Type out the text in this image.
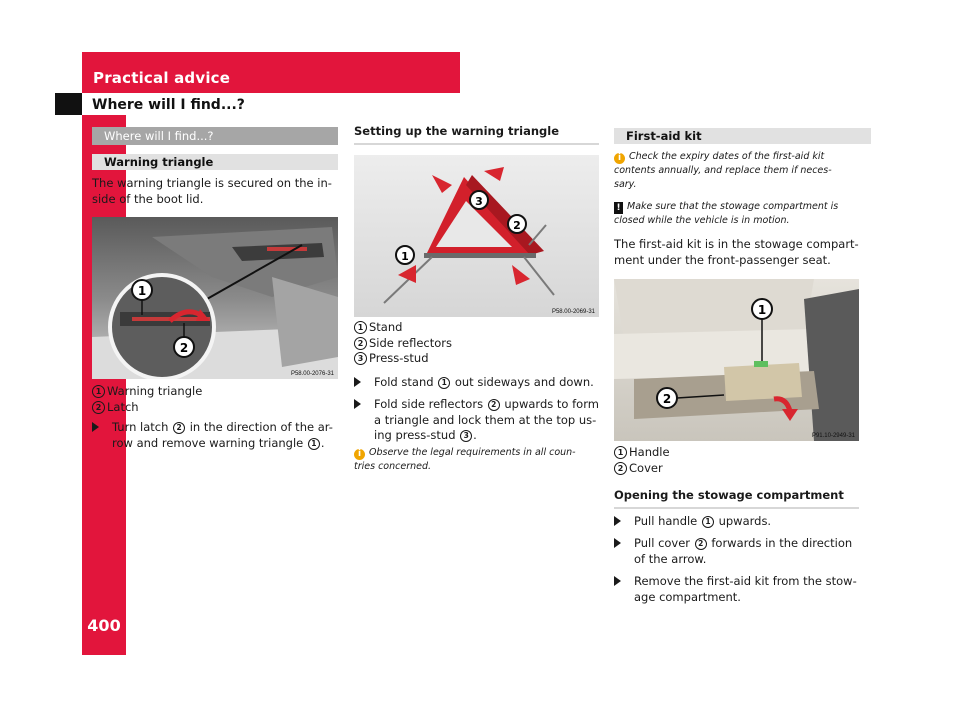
Practical advice
Where will I find...?
400
Where will I find...?
Warning triangle
The warning triangle is secured on the in-
side of the boot lid.
1
2
P58.00-2076-31
1 Warning triangle
2 Latch
Turn latch 2 in the direction of the ar-
row and remove warning triangle 1 .
Setting up the warning triangle
3
2
1
P58.00-2069-31
1 Stand
2 Side reflectors
3 Press-stud
Fold stand 1 out sideways and down.
Fold side reflectors 2 upwards to form
a triangle and lock them at the top us-
ing press-stud 3 .
i Observe the legal requirements in all coun-
tries concerned.
First-aid kit
i Check the expiry dates of the first-aid kit
contents annually, and replace them if neces-
sary.
! Make sure that the stowage compartment is
closed while the vehicle is in motion.
The first-aid kit is in the stowage compart-
ment under the front-passenger seat.
1
2
P91.10-2949-31
1 Handle
2 Cover
Opening the stowage compartment
Pull handle 1 upwards.
Pull cover 2 forwards in the direction
of the arrow.
Remove the first-aid kit from the stow-
age compartment.
